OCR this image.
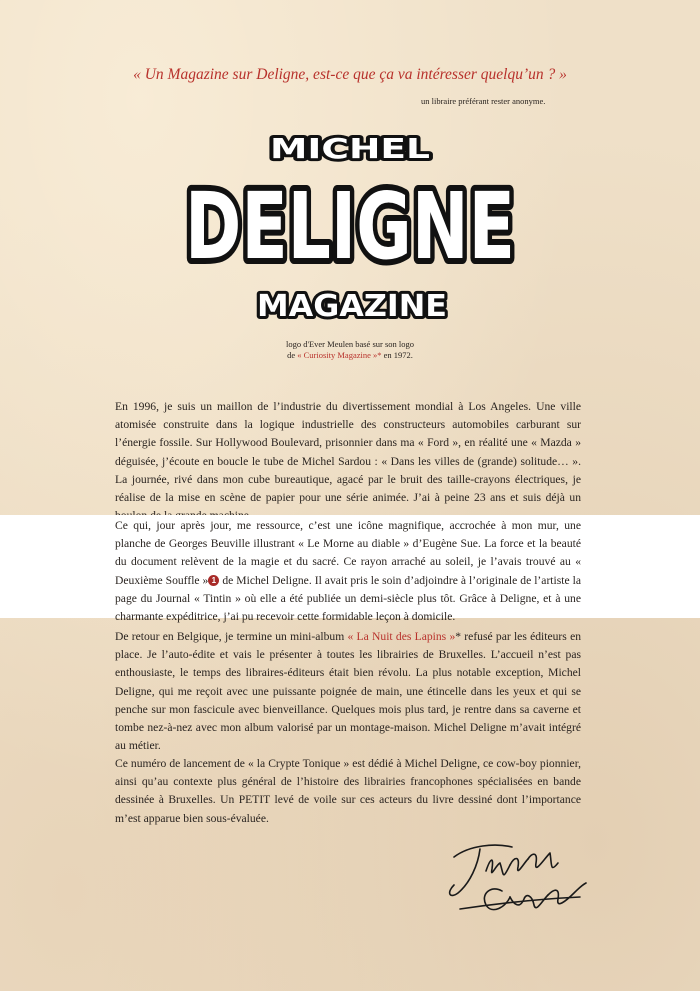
« Un Magazine sur Deligne, est-ce que ça va intéresser quelqu’un ? »
un libraire préférant rester anonyme.
MICHEL
DELIGNE
MAGAZINE
logo d'Ever Meulen basé sur son logo
de « Curiosity Magazine »* en 1972.

En 1996, je suis un maillon de l’industrie du divertissement mondial à Los Angeles. Une ville atomisée construite dans la logique industrielle des constructeurs automobiles carburant sur l’énergie fossile. Sur Hollywood Boulevard, prisonnier dans ma « Ford », en réalité une « Mazda » déguisée, j’écoute en boucle le tube de Michel Sardou : « Dans les villes de (grande) solitude… ». La journée, rivé dans mon cube bureautique, agacé par le bruit des taille-crayons électriques, je réalise de la mise en scène de papier pour une série animée. J’ai à peine 23 ans et suis déjà un

Ce qui, jour après jour, me ressource, c’est une icône magnifique, accrochée à mon mur, une planche de Georges Beuville illustrant « Le Morne au diable » d’Eugène Sue. La force et la beauté du document relèvent de la magie et du sacré. Ce rayon arraché au soleil, je l’avais trouvé au « Deuxième Souffle » 1 de Michel Deligne. Il avait pris le soin d’adjoindre à l’originale de l’artiste la page du Journal « Tintin » où elle a été publiée un demi-siècle plus tôt. Grâce à Deligne, et à une charmante expéditrice, j’ai pu recevoir cette formidable leçon à domicile.

De retour en Belgique, je termine un mini-album « La Nuit des Lapins »* refusé par les éditeurs en place. Je l’auto-édite et vais le présenter à toutes les librairies de Bruxelles. L’accueil n’est pas enthousiaste, le temps des libraires-éditeurs était bien révolu. La plus notable exception, Michel Deligne, qui me reçoit avec une puissante poignée de main, une étincelle dans les yeux et qui se penche sur mon fascicule avec bienveillance. Quelques mois plus tard, je rentre dans sa caverne et tombe nez-à-nez avec mon album valorisé par un montage-maison. Michel Deligne m’avait intégré au métier.

Ce numéro de lancement de « la Crypte Tonique » est dédié à Michel Deligne, ce cow-boy pionnier, ainsi qu’au contexte plus général de l’histoire des librairies francophones spécialisées en bande dessinée à Bruxelles. Un PETIT levé de voile sur ces acteurs du livre dessiné dont l’importance m’est apparue bien sous-évaluée.
